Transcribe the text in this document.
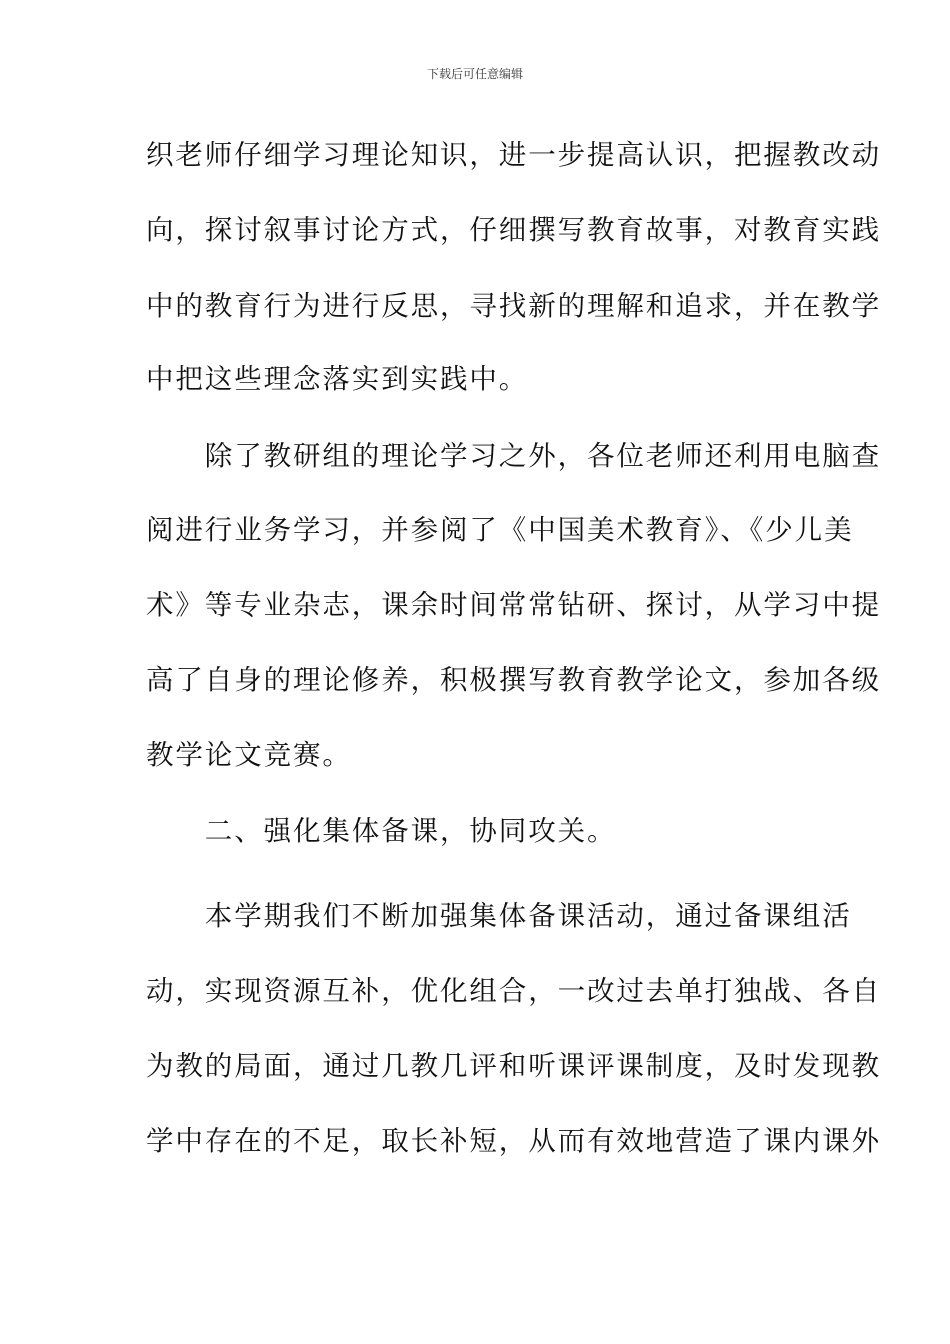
下载后可任意编辑
织老师仔细学习理论知识，进一步提高认识，把握教改动
向，探讨叙事讨论方式，仔细撰写教育故事，对教育实践
中的教育行为进行反思，寻找新的理解和追求，并在教学
中把这些理念落实到实践中。
　　除了教研组的理论学习之外，各位老师还利用电脑查
阅进行业务学习，并参阅了《中国美术教育》、《少儿美
术》等专业杂志，课余时间常常钻研、探讨，从学习中提
高了自身的理论修养，积极撰写教育教学论文，参加各级
教学论文竞赛。
　　二、强化集体备课，协同攻关。
　　本学期我们不断加强集体备课活动，通过备课组活
动，实现资源互补，优化组合，一改过去单打独战、各自
为教的局面，通过几教几评和听课评课制度，及时发现教
学中存在的不足，取长补短，从而有效地营造了课内课外
